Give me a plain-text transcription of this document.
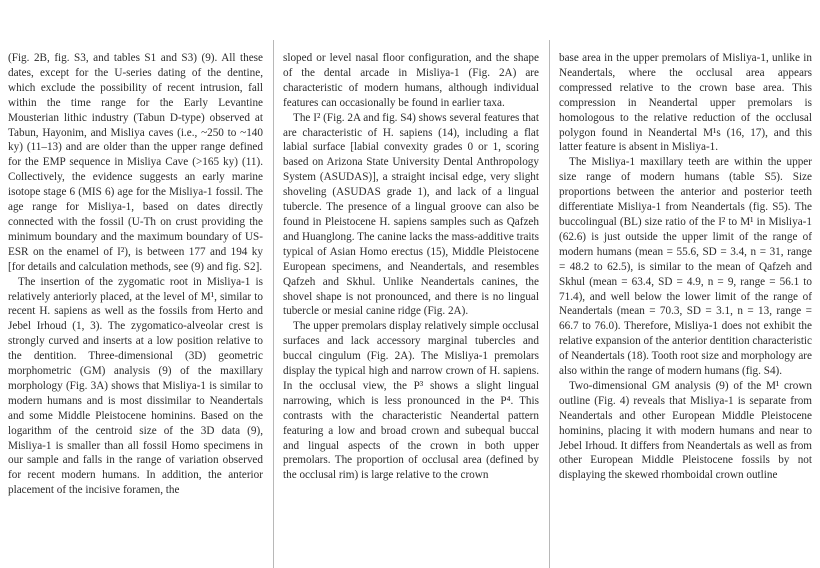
(Fig. 2B, fig. S3, and tables S1 and S3) (9). All these dates, except for the U-series dating of the dentine, which exclude the possibility of recent intrusion, fall within the time range for the Early Levantine Mousterian lithic industry (Tabun D-type) observed at Tabun, Hayonim, and Misliya caves (i.e., ~250 to ~140 ky) (11–13) and are older than the upper range defined for the EMP sequence in Misliya Cave (>165 ky) (11). Collectively, the evidence suggests an early marine isotope stage 6 (MIS 6) age for the Misliya-1 fossil. The age range for Misliya-1, based on dates directly connected with the fossil (U-Th on crust providing the minimum boundary and the maximum boundary of US-ESR on the enamel of I²), is between 177 and 194 ky [for details and calculation methods, see (9) and fig. S2].

The insertion of the zygomatic root in Misliya-1 is relatively anteriorly placed, at the level of M¹, similar to recent H. sapiens as well as the fossils from Herto and Jebel Irhoud (1, 3). The zygomatico-alveolar crest is strongly curved and inserts at a low position relative to the dentition. Three-dimensional (3D) geometric morphometric (GM) analysis (9) of the maxillary morphology (Fig. 3A) shows that Misliya-1 is similar to modern humans and is most dissimilar to Neandertals and some Middle Pleistocene hominins. Based on the logarithm of the centroid size of the 3D data (9), Misliya-1 is smaller than all fossil Homo specimens in our sample and falls in the range of variation observed for recent modern humans. In addition, the anterior placement of the incisive foramen, the

sloped or level nasal floor configuration, and the shape of the dental arcade in Misliya-1 (Fig. 2A) are characteristic of modern humans, although individual features can occasionally be found in earlier taxa.

The I² (Fig. 2A and fig. S4) shows several features that are characteristic of H. sapiens (14), including a flat labial surface [labial convexity grades 0 or 1, scoring based on Arizona State University Dental Anthropology System (ASUDAS)], a straight incisal edge, very slight shoveling (ASUDAS grade 1), and lack of a lingual tubercle. The presence of a lingual groove can also be found in Pleistocene H. sapiens samples such as Qafzeh and Huanglong. The canine lacks the mass-additive traits typical of Asian Homo erectus (15), Middle Pleistocene European specimens, and Neandertals, and resembles Qafzeh and Skhul. Unlike Neandertals canines, the shovel shape is not pronounced, and there is no lingual tubercle or mesial canine ridge (Fig. 2A).

The upper premolars display relatively simple occlusal surfaces and lack accessory marginal tubercles and buccal cingulum (Fig. 2A). The Misliya-1 premolars display the typical high and narrow crown of H. sapiens. In the occlusal view, the P³ shows a slight lingual narrowing, which is less pronounced in the P⁴. This contrasts with the characteristic Neandertal pattern featuring a low and broad crown and subequal buccal and lingual aspects of the crown in both upper premolars. The proportion of occlusal area (defined by the occlusal rim) is large relative to the crown

base area in the upper premolars of Misliya-1, unlike in Neandertals, where the occlusal area appears compressed relative to the crown base area. This compression in Neandertal upper premolars is homologous to the relative reduction of the occlusal polygon found in Neandertal M¹s (16, 17), and this latter feature is absent in Misliya-1.

The Misliya-1 maxillary teeth are within the upper size range of modern humans (table S5). Size proportions between the anterior and posterior teeth differentiate Misliya-1 from Neandertals (fig. S5). The buccolingual (BL) size ratio of the I² to M¹ in Misliya-1 (62.6) is just outside the upper limit of the range of modern humans (mean = 55.6, SD = 3.4, n = 31, range = 48.2 to 62.5), is similar to the mean of Qafzeh and Skhul (mean = 63.4, SD = 4.9, n = 9, range = 56.1 to 71.4), and well below the lower limit of the range of Neandertals (mean = 70.3, SD = 3.1, n = 13, range = 66.7 to 76.0). Therefore, Misliya-1 does not exhibit the relative expansion of the anterior dentition characteristic of Neandertals (18). Tooth root size and morphology are also within the range of modern humans (fig. S4).

Two-dimensional GM analysis (9) of the M¹ crown outline (Fig. 4) reveals that Misliya-1 is separate from Neandertals and other European Middle Pleistocene hominins, placing it with modern humans and near to Jebel Irhoud. It differs from Neandertals as well as from other European Middle Pleistocene fossils by not displaying the skewed rhomboidal crown outline
